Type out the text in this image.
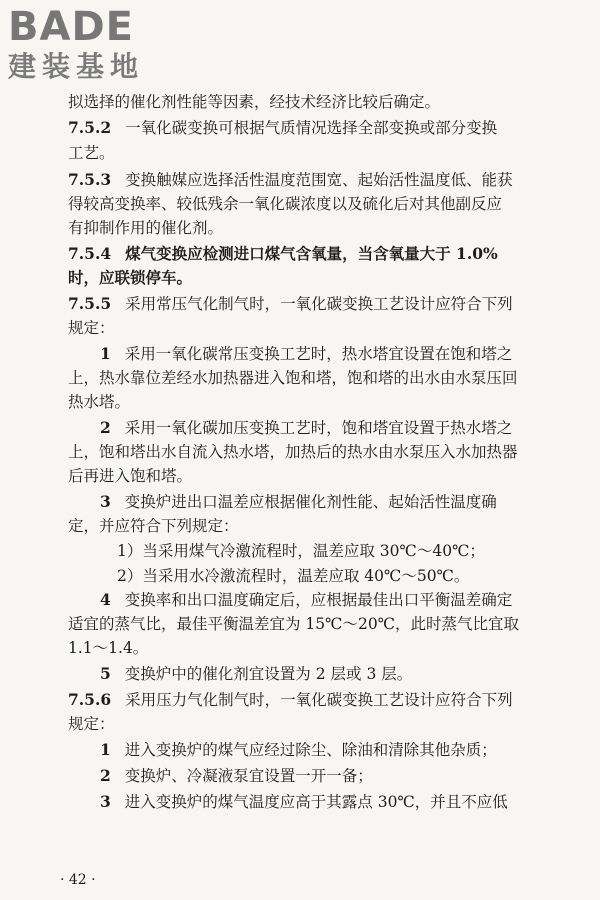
BADE
建装基地
拟选择的催化剂性能等因素，经技术经济比较后确定。
7.5.2 一氧化碳变换可根据气质情况选择全部变换或部分变换
工艺。
7.5.3 变换触媒应选择活性温度范围宽、起始活性温度低、能获
得较高变换率、较低残余一氧化碳浓度以及硫化后对其他副反应
有抑制作用的催化剂。
7.5.4 煤气变换应检测进口煤气含氧量，当含氧量大于 1.0%
时，应联锁停车。
7.5.5 采用常压气化制气时，一氧化碳变换工艺设计应符合下列
规定：
1 采用一氧化碳常压变换工艺时，热水塔宜设置在饱和塔之
上，热水靠位差经水加热器进入饱和塔，饱和塔的出水由水泵压回
热水塔。
2 采用一氧化碳加压变换工艺时，饱和塔宜设置于热水塔之
上，饱和塔出水自流入热水塔，加热后的热水由水泵压入水加热器
后再进入饱和塔。
3 变换炉进出口温差应根据催化剂性能、起始活性温度确
定，并应符合下列规定：
1）当采用煤气冷激流程时，温差应取 30℃～40℃；
2）当采用水冷激流程时，温差应取 40℃～50℃。
4 变换率和出口温度确定后，应根据最佳出口平衡温差确定
适宜的蒸气比，最佳平衡温差宜为 15℃～20℃，此时蒸气比宜取
1.1～1.4。
5 变换炉中的催化剂宜设置为 2 层或 3 层。
7.5.6 采用压力气化制气时，一氧化碳变换工艺设计应符合下列
规定：
1 进入变换炉的煤气应经过除尘、除油和清除其他杂质；
2 变换炉、冷凝液泵宜设置一开一备；
3 进入变换炉的煤气温度应高于其露点 30℃，并且不应低
· 42 ·
